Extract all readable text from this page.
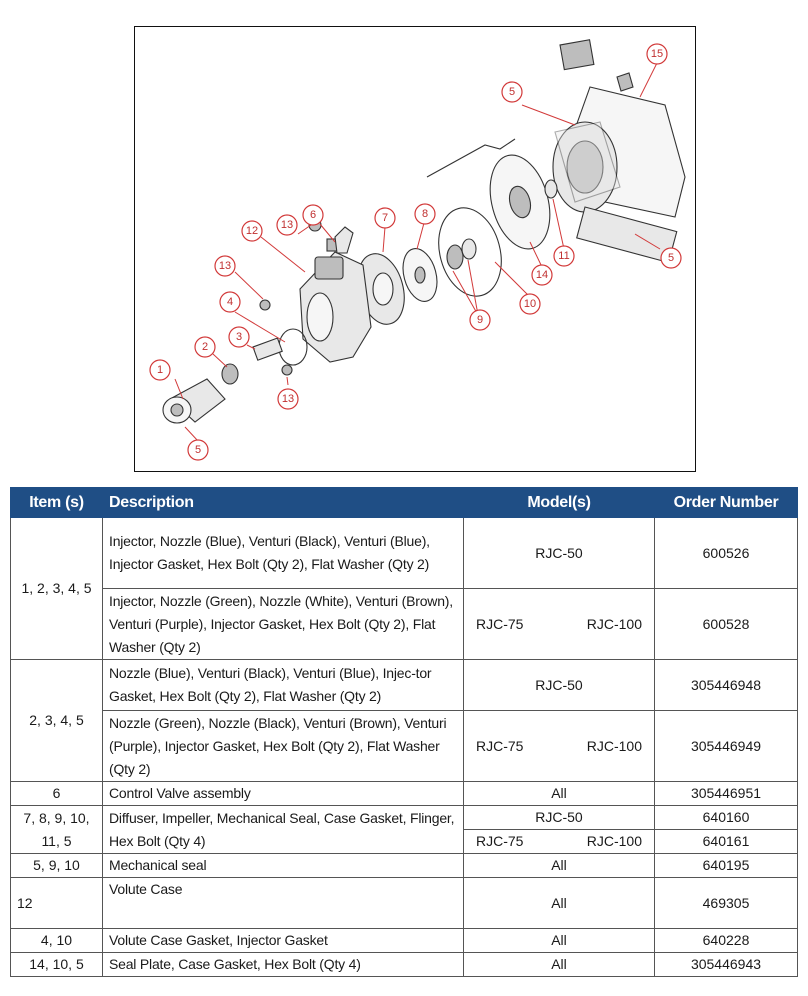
1
2
3
4
5
5
5
5
6	7	8
9
10
11
12 13
13
13
14
15
Item (s)	Description	Model(s)	Order Number
1, 2, 3, 4, 5	Injector, Nozzle (Blue), Venturi (Black), Venturi (Blue), Injector Gasket, Hex Bolt (Qty 2), Flat Washer (Qty 2)	RJC-50	600526
	Injector, Nozzle (Green), Nozzle (White), Venturi (Brown), Venturi (Purple), Injector Gasket, Hex Bolt (Qty 2), Flat Washer (Qty 2)	RJC-75 RJC-100	600528
2, 3, 4, 5	Nozzle (Blue), Venturi (Black), Venturi (Blue), Injec-tor Gasket, Hex Bolt (Qty 2), Flat Washer (Qty 2)	RJC-50	305446948
	Nozzle (Green), Nozzle (Black), Venturi (Brown), Venturi (Purple), Injector Gasket, Hex Bolt (Qty 2), Flat Washer (Qty 2)	RJC-75 RJC-100	305446949
6	Control Valve assembly	All	305446951
7, 8, 9, 10, 11, 5	Diffuser, Impeller, Mechanical Seal, Case Gasket, Flinger, Hex Bolt (Qty 4)	RJC-50	640160

		RJC-75 RJC-100	640161
5, 9, 10	Mechanical seal	All	640195
12	Volute Case	All	469305
4, 10	Volute Case Gasket, Injector Gasket	All	640228
14, 10, 5	Seal Plate, Case Gasket, Hex Bolt (Qty 4)	All	305446943
